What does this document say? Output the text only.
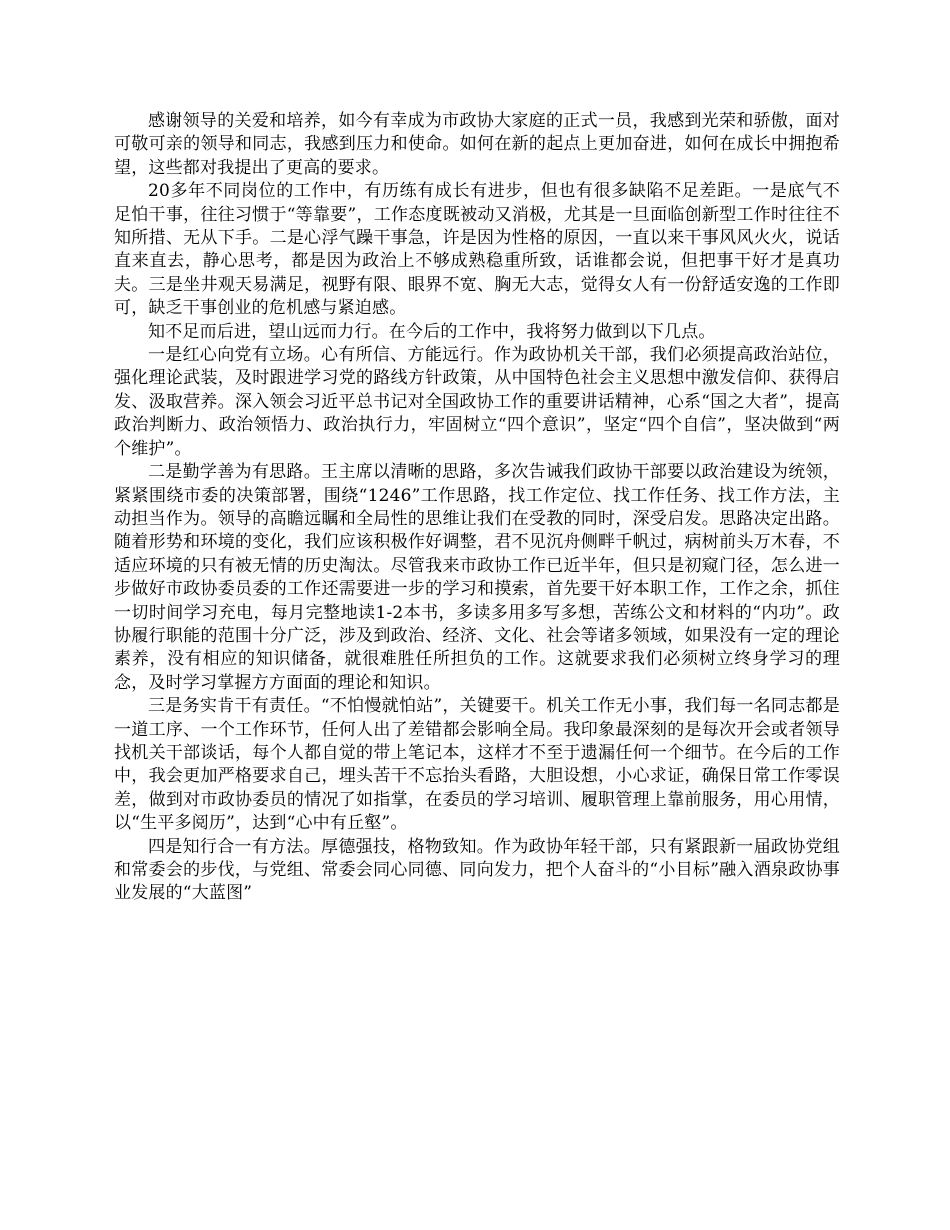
感谢领导的关爱和培养，如今有幸成为市政协大家庭的正式一员，我感到光荣和骄傲，面对可敬可亲的领导和同志，我感到压力和使命。如何在新的起点上更加奋进，如何在成长中拥抱希望，这些都对我提出了更高的要求。

20多年不同岗位的工作中，有历练有成长有进步，但也有很多缺陷不足差距。一是底气不足怕干事，往往习惯于“等靠要”，工作态度既被动又消极，尤其是一旦面临创新型工作时往往不知所措、无从下手。二是心浮气躁干事急，许是因为性格的原因，一直以来干事风风火火，说话直来直去，静心思考，都是因为政治上不够成熟稳重所致，话谁都会说，但把事干好才是真功夫。三是坐井观天易满足，视野有限、眼界不宽、胸无大志，觉得女人有一份舒适安逸的工作即可，缺乏干事创业的危机感与紧迫感。

知不足而后进，望山远而力行。在今后的工作中，我将努力做到以下几点。

一是红心向党有立场。心有所信、方能远行。作为政协机关干部，我们必须提高政治站位，强化理论武装，及时跟进学习党的路线方针政策，从中国特色社会主义思想中激发信仰、获得启发、汲取营养。深入领会习近平总书记对全国政协工作的重要讲话精神，心系“国之大者”，提高政治判断力、政治领悟力、政治执行力，牢固树立“四个意识”，坚定“四个自信”，坚决做到“两个维护”。

二是勤学善为有思路。王主席以清晰的思路，多次告诫我们政协干部要以政治建设为统领，紧紧围绕市委的决策部署，围绕“1246”工作思路，找工作定位、找工作任务、找工作方法，主动担当作为。领导的高瞻远瞩和全局性的思维让我们在受教的同时，深受启发。思路决定出路。随着形势和环境的变化，我们应该积极作好调整，君不见沉舟侧畔千帆过，病树前头万木春，不适应环境的只有被无情的历史淘汰。尽管我来市政协工作已近半年，但只是初窥门径，怎么进一步做好市政协委员委的工作还需要进一步的学习和摸索，首先要干好本职工作，工作之余，抓住一切时间学习充电，每月完整地读1-2本书，多读多用多写多想，苦练公文和材料的“内功”。政协履行职能的范围十分广泛，涉及到政治、经济、文化、社会等诸多领域，如果没有一定的理论素养，没有相应的知识储备，就很难胜任所担负的工作。这就要求我们必须树立终身学习的理念，及时学习掌握方方面面的理论和知识。

三是务实肯干有责任。“不怕慢就怕站”，关键要干。机关工作无小事，我们每一名同志都是一道工序、一个工作环节，任何人出了差错都会影响全局。我印象最深刻的是每次开会或者领导找机关干部谈话，每个人都自觉的带上笔记本，这样才不至于遗漏任何一个细节。在今后的工作中，我会更加严格要求自己，埋头苦干不忘抬头看路，大胆设想，小心求证，确保日常工作零误差，做到对市政协委员的情况了如指掌，在委员的学习培训、履职管理上靠前服务，用心用情，以“生平多阅历”，达到“心中有丘壑”。

四是知行合一有方法。厚德强技，格物致知。作为政协年轻干部，只有紧跟新一届政协党组和常委会的步伐，与党组、常委会同心同德、同向发力，把个人奋斗的“小目标”融入酒泉政协事业发展的“大蓝图”
